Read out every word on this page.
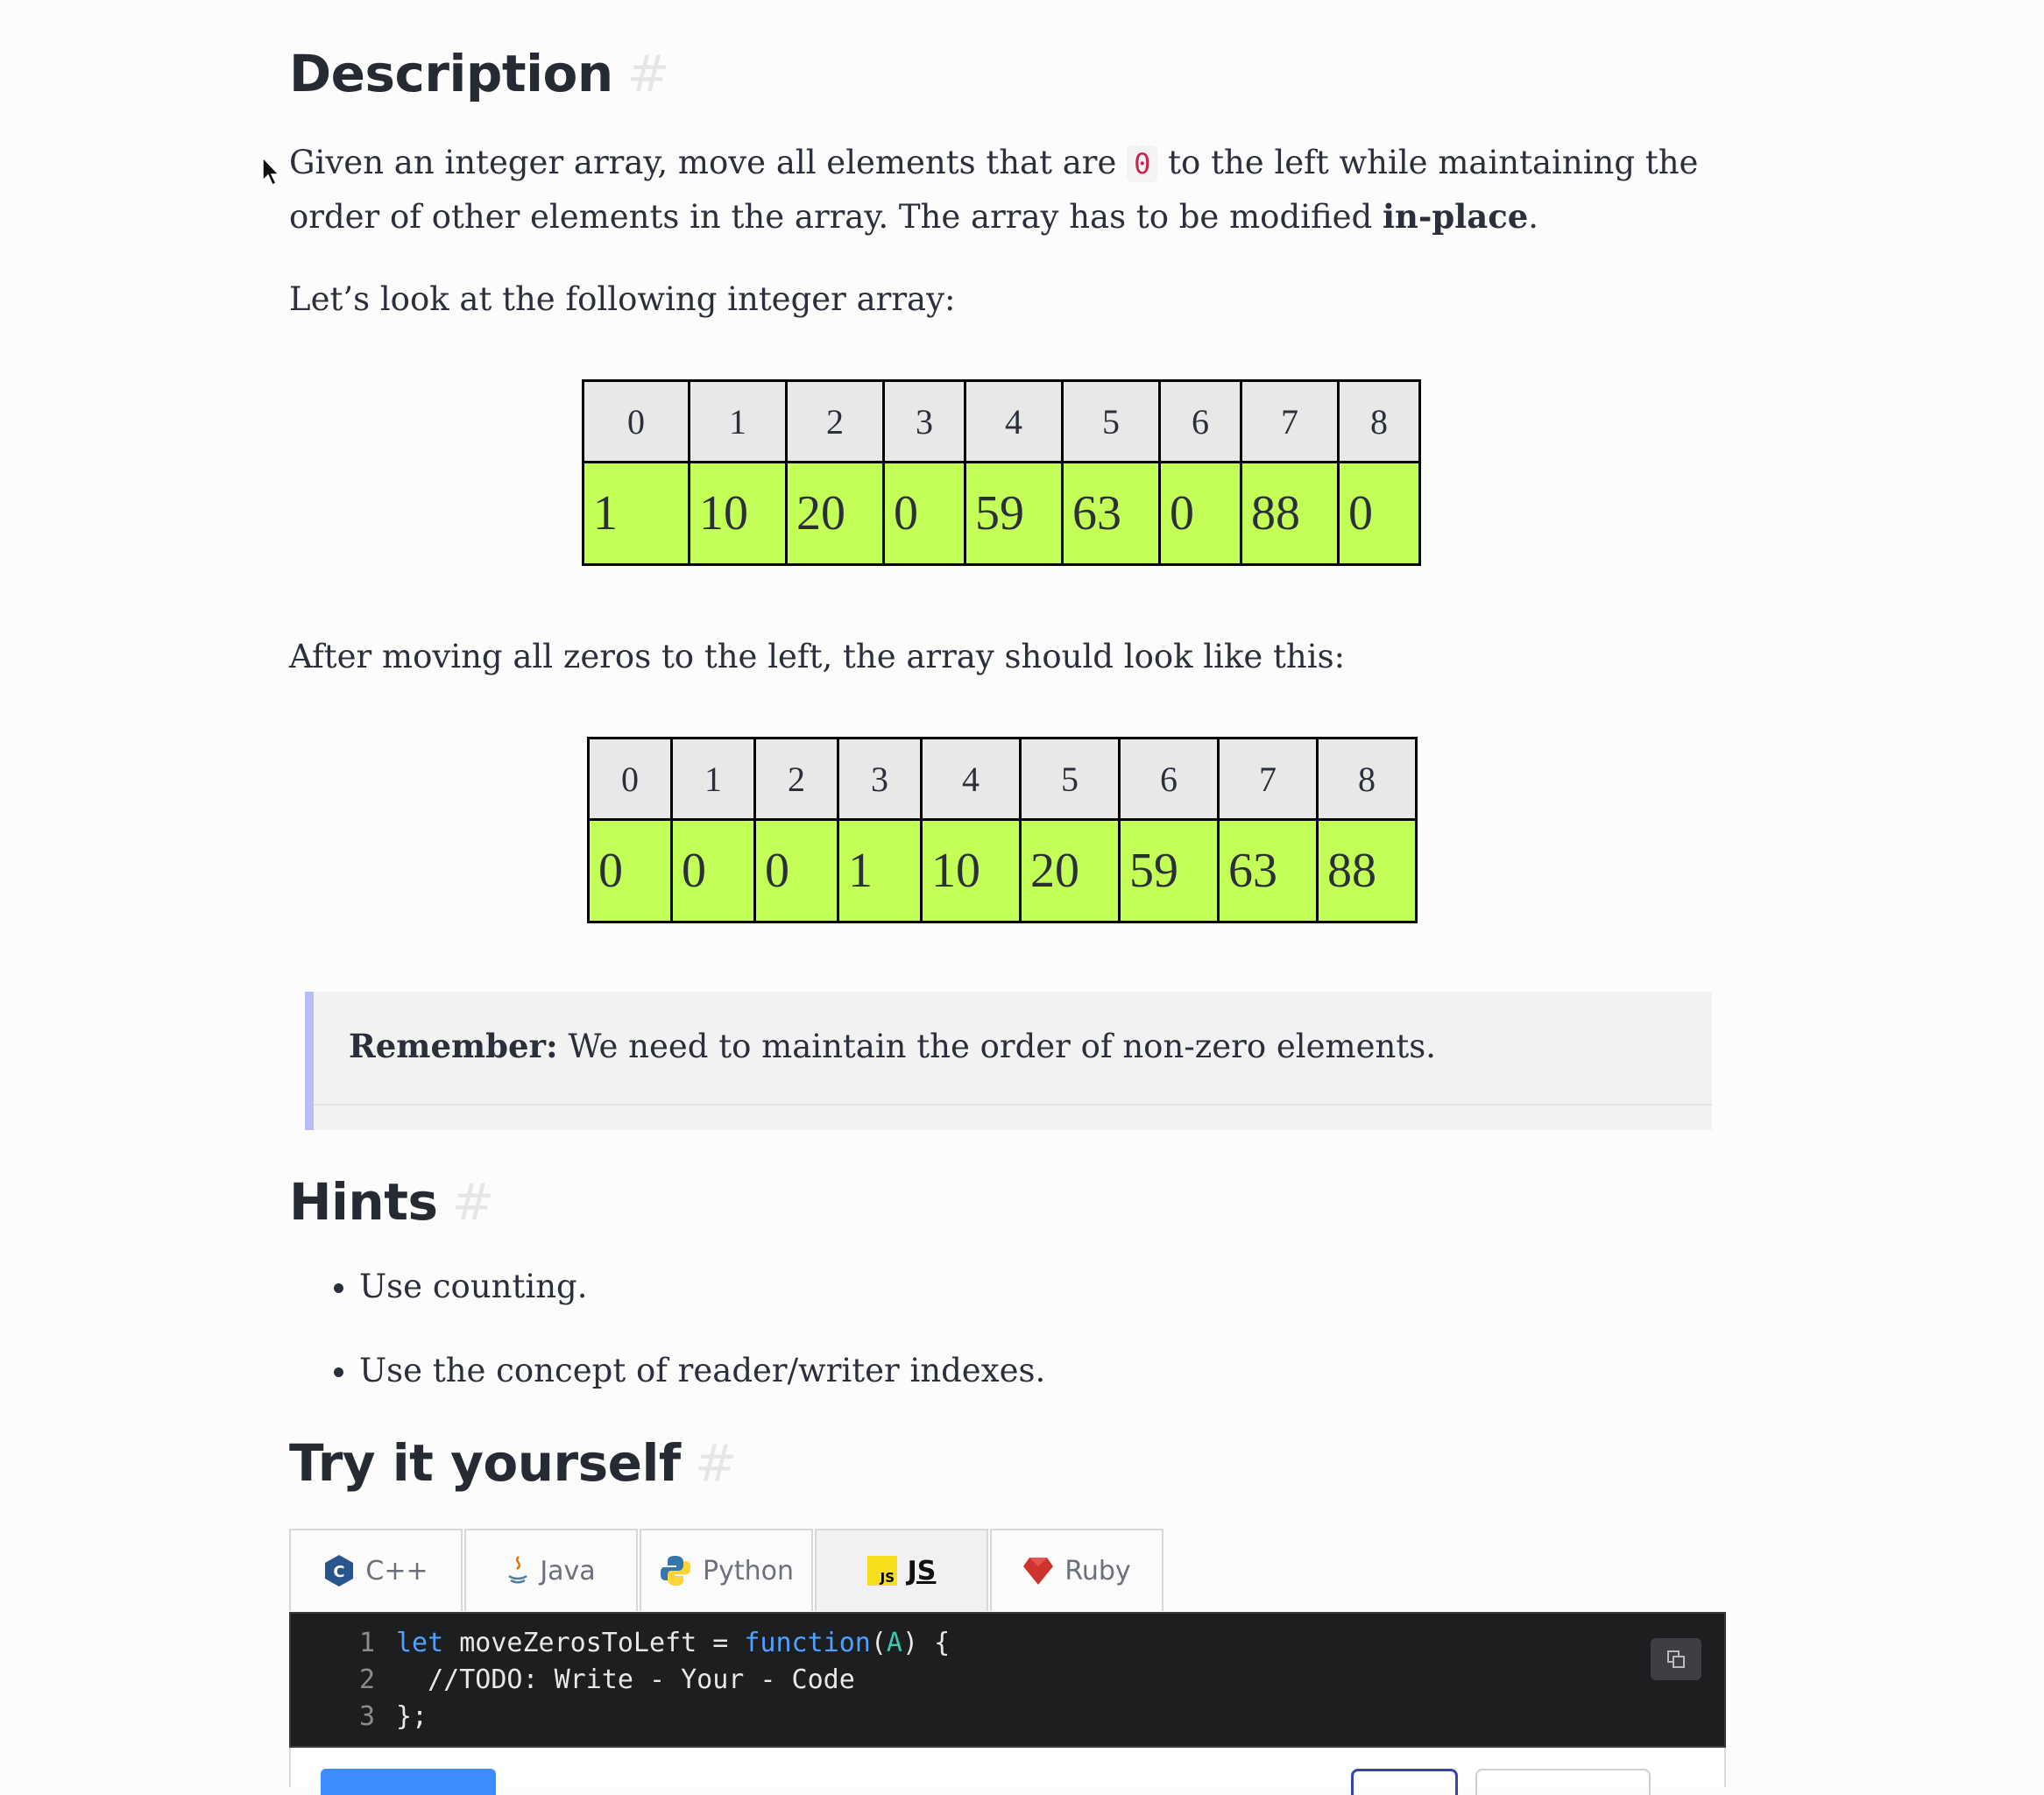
Description #

Given an integer array, move all elements that are 0 to the left while maintaining the order of other elements in the array. The array has to be modified in-place.

Let’s look at the following integer array:

0	1	2	3	4	5	6	7	8
1	10	20	0	59	63	0	88	0

After moving all zeros to the left, the array should look like this:

0	1	2	3	4	5	6	7	8
0	0	0	1	10	20	59	63	88

Remember: We need to maintain the order of non-zero elements.

Hints #
• Use counting.
• Use the concept of reader/writer indexes.
Try it yourself #
C C++	Java	Python	JS JS	Ruby
1
2
3
let moveZerosToLeft = function(A) {
//TODO: Write - Your - Code
};
